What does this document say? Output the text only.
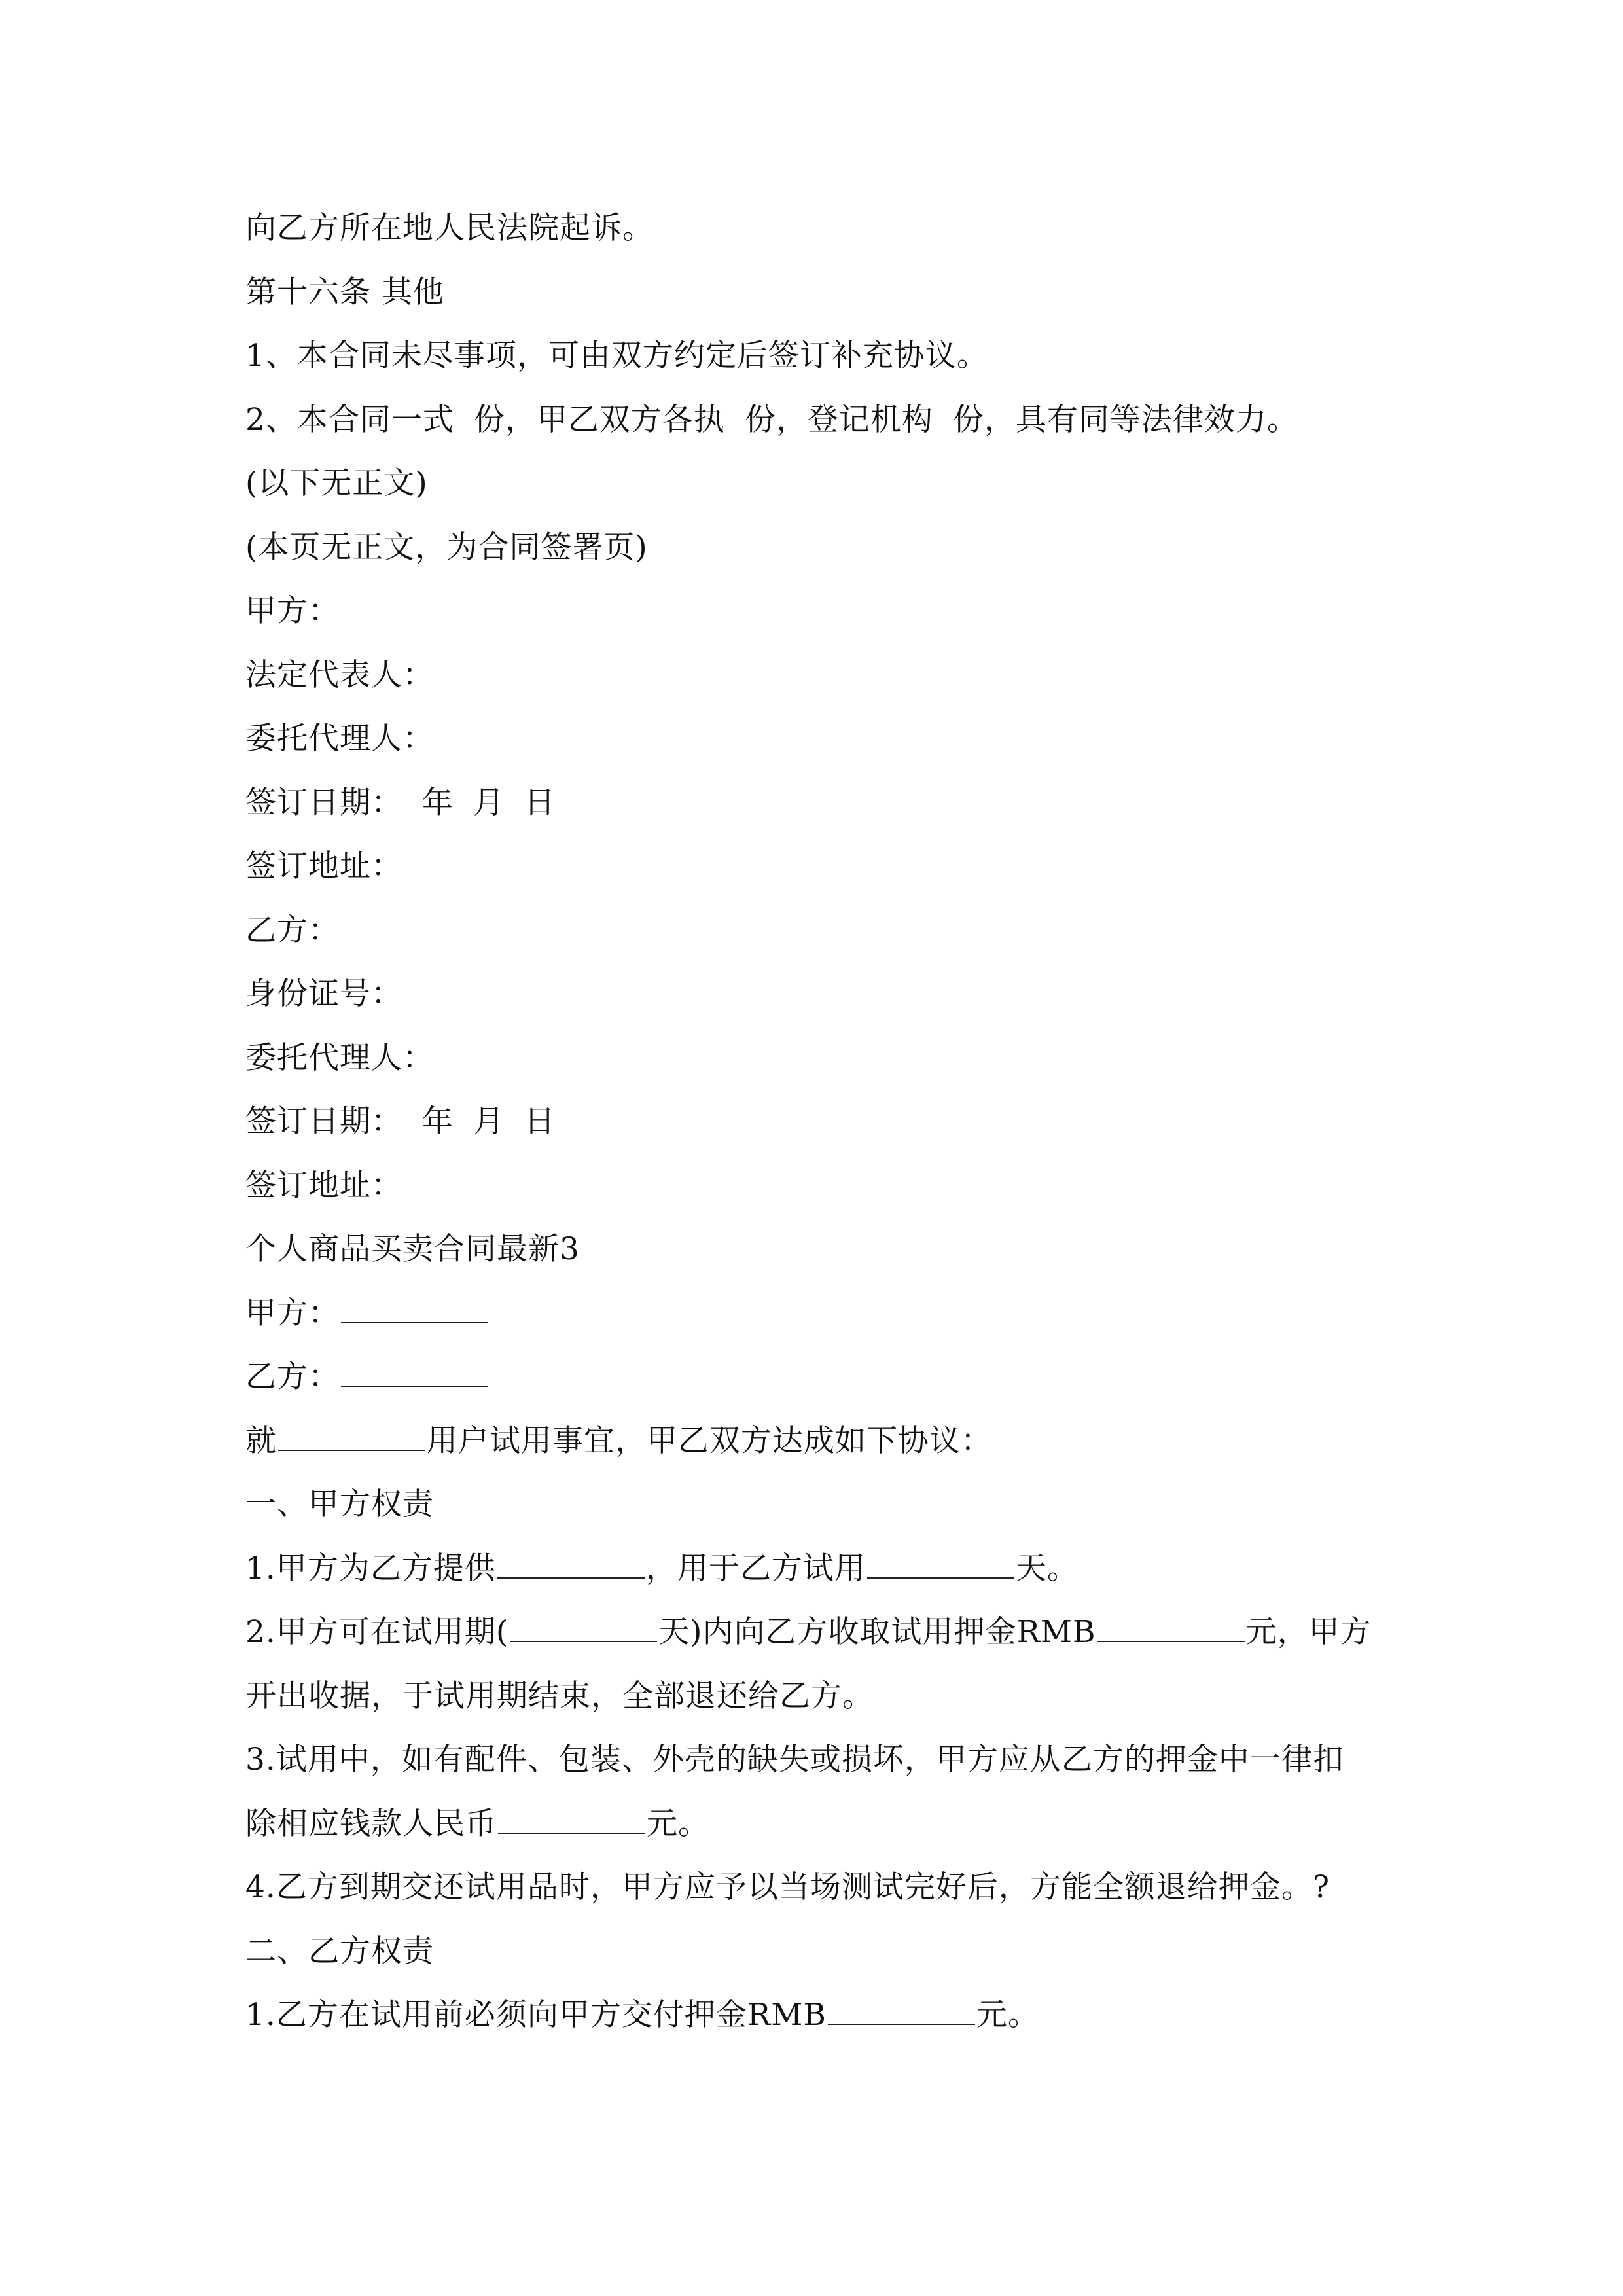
向乙方所在地人民法院起诉。
第十六条 其他
1、本合同未尽事项，可由双方约定后签订补充协议。
2、本合同一式 份，甲乙双方各执 份，登记机构 份，具有同等法律效力。
(以下无正文)
(本页无正文，为合同签署页)
甲方：
法定代表人：
委托代理人：
签订日期： 年 月 日
签订地址：
乙方：
身份证号：
委托代理人：
签订日期： 年 月 日
签订地址：
个人商品买卖合同最新3
甲方：
乙方：
就	用户试用事宜，甲乙双方达成如下协议：
一、甲方权责
1.甲方为乙方提供	，用于乙方试用	天。
2.甲方可在试用期(	天)内向乙方收取试用押金RMB	元，甲方
开出收据，于试用期结束，全部退还给乙方。
3.试用中，如有配件、包装、外壳的缺失或损坏，甲方应从乙方的押金中一律扣
除相应钱款人民币	元。
4.乙方到期交还试用品时，甲方应予以当场测试完好后，方能全额退给押金。?
二、乙方权责
1.乙方在试用前必须向甲方交付押金RMB	元。
